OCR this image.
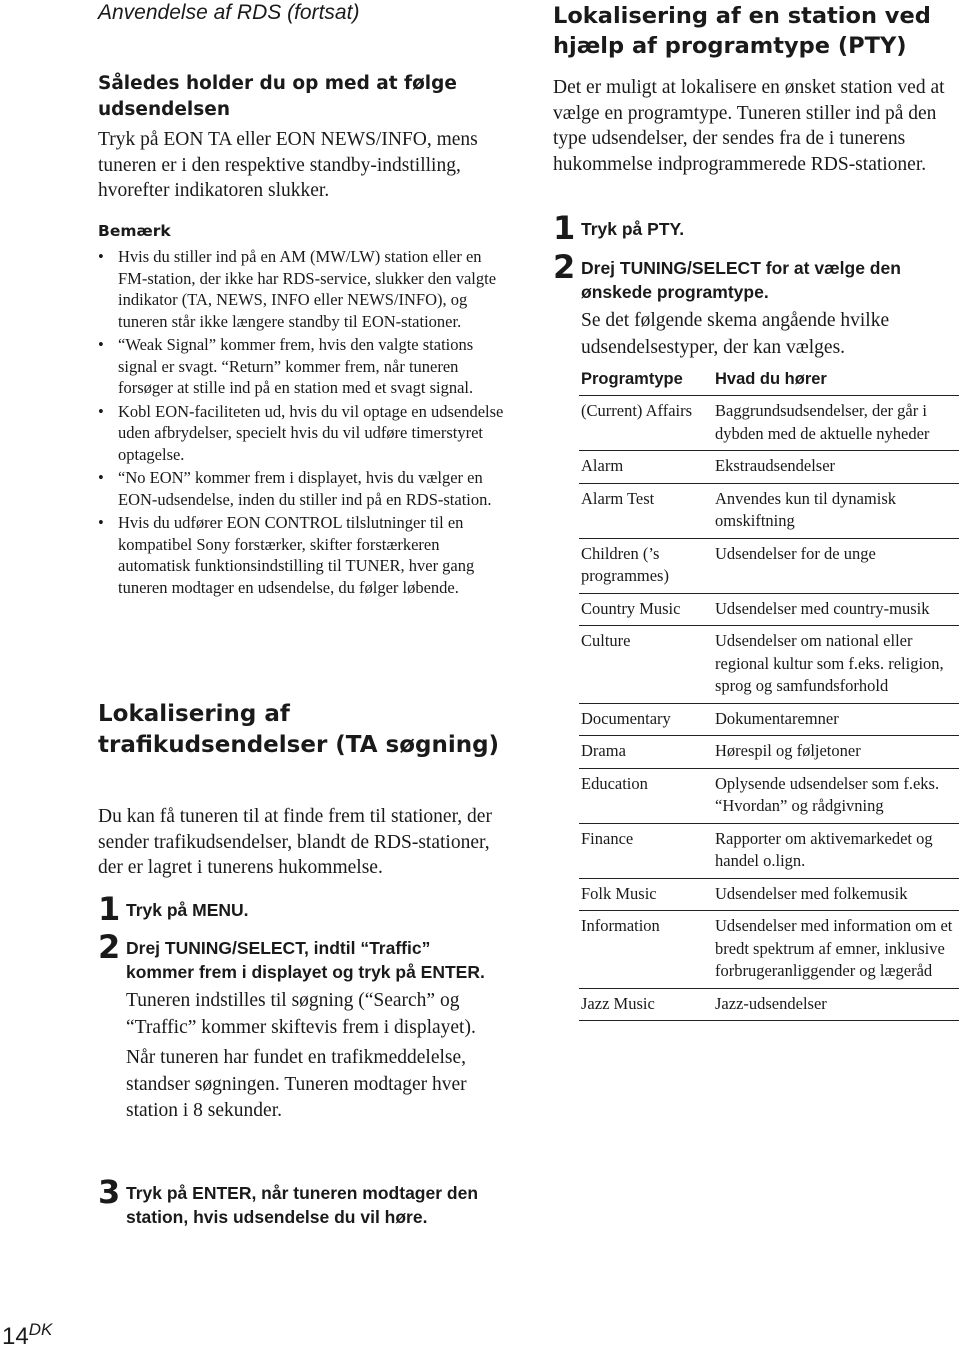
Anvendelse af RDS (fortsat)
Således holder du op med at følge udsendelsen
Tryk på EON TA eller EON NEWS/INFO, mens tuneren er i den respektive standby-indstilling, hvorefter indikatoren slukker.
Bemærk
• Hvis du stiller ind på en AM (MW/LW) station eller en FM-station, der ikke har RDS-service, slukker den valgte indikator (TA, NEWS, INFO eller NEWS/INFO), og tuneren står ikke længere standby til EON-stationer.
• “Weak Signal” kommer frem, hvis den valgte stations signal er svagt. “Return” kommer frem, når tuneren forsøger at stille ind på en station med et svagt signal.
• Kobl EON-faciliteten ud, hvis du vil optage en udsendelse uden afbrydelser, specielt hvis du vil udføre timerstyret optagelse.
• “No EON” kommer frem i displayet, hvis du vælger en EON-udsendelse, inden du stiller ind på en RDS-station.
• Hvis du udfører EON CONTROL tilslutninger til en kompatibel Sony forstærker, skifter forstærkeren automatisk funktionsindstilling til TUNER, hver gang tuneren modtager en udsendelse, du følger løbende.
Lokalisering af trafikudsendelser (TA søgning)
Du kan få tuneren til at finde frem til stationer, der sender trafikudsendelser, blandt de RDS-stationer, der er lagret i tunerens hukommelse.
1 Tryk på MENU.
2 Drej TUNING/SELECT, indtil “Traffic” kommer frem i displayet og tryk på ENTER.
Tuneren indstilles til søgning (“Search” og “Traffic” kommer skiftevis frem i displayet).
Når tuneren har fundet en trafikmeddelelse, standser søgningen. Tuneren modtager hver station i 8 sekunder.
3 Tryk på ENTER, når tuneren modtager den station, hvis udsendelse du vil høre.
Lokalisering af en station ved hjælp af programtype (PTY)
Det er muligt at lokalisere en ønsket station ved at vælge en programtype. Tuneren stiller ind på den type udsendelser, der sendes fra de i tunerens hukommelse indprogrammerede RDS-stationer.
1 Tryk på PTY.
2 Drej TUNING/SELECT for at vælge den ønskede programtype.
Se det følgende skema angående hvilke udsendelsestyper, der kan vælges.
Programtype	Hvad du hører
(Current) Affairs	Baggrundsudsendelser, der går i dybden med de aktuelle nyheder
Alarm	Ekstraudsendelser
Alarm Test	Anvendes kun til dynamisk omskiftning
Children (’s programmes)	Udsendelser for de unge
Country Music	Udsendelser med country-musik
Culture	Udsendelser om national eller regional kultur som f.eks. religion, sprog og samfundsforhold
Documentary	Dokumentaremner
Drama	Hørespil og føljetoner
Education	Oplysende udsendelser som f.eks. “Hvordan” og rådgivning
Finance	Rapporter om aktivemarkedet og handel o.lign.
Folk Music	Udsendelser med folkemusik
Information	Udsendelser med information om et bredt spektrum af emner, inklusive forbrugeranliggender og lægeråd
Jazz Music	Jazz-udsendelser
$14^{DK}$
